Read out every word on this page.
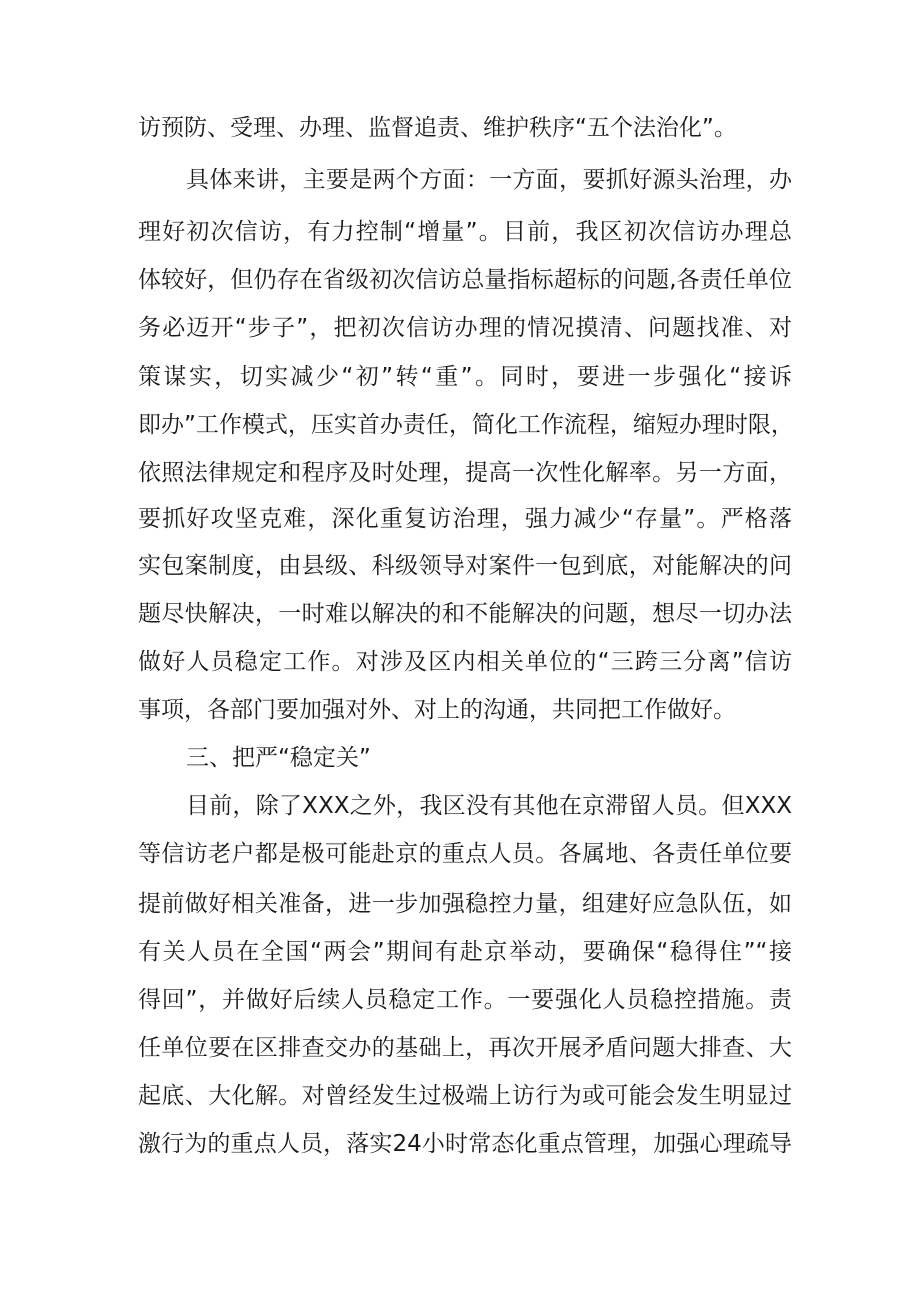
访预防、受理、办理、监督追责、维护秩序“五个法治化”。
具体来讲，主要是两个方面：一方面，要抓好源头治理，办
理好初次信访，有力控制“增量”。目前，我区初次信访办理总
体较好，但仍存在省级初次信访总量指标超标的问题,各责任单位
务必迈开“步子”，把初次信访办理的情况摸清、问题找准、对
策谋实，切实减少“初”转“重”。同时，要进一步强化“接诉
即办”工作模式，压实首办责任，简化工作流程，缩短办理时限，
依照法律规定和程序及时处理，提高一次性化解率。另一方面，
要抓好攻坚克难，深化重复访治理，强力减少“存量”。严格落
实包案制度，由县级、科级领导对案件一包到底，对能解决的问
题尽快解决，一时难以解决的和不能解决的问题，想尽一切办法
做好人员稳定工作。对涉及区内相关单位的“三跨三分离”信访
事项，各部门要加强对外、对上的沟通，共同把工作做好。
三、把严“稳定关”
目前，除了XXX之外，我区没有其他在京滞留人员。但XXX
等信访老户都是极可能赴京的重点人员。各属地、各责任单位要
提前做好相关准备，进一步加强稳控力量，组建好应急队伍，如
有关人员在全国“两会”期间有赴京举动，要确保“稳得住”“接
得回”，并做好后续人员稳定工作。一要强化人员稳控措施。责
任单位要在区排查交办的基础上，再次开展矛盾问题大排查、大
起底、大化解。对曾经发生过极端上访行为或可能会发生明显过
激行为的重点人员，落实24小时常态化重点管理，加强心理疏导
